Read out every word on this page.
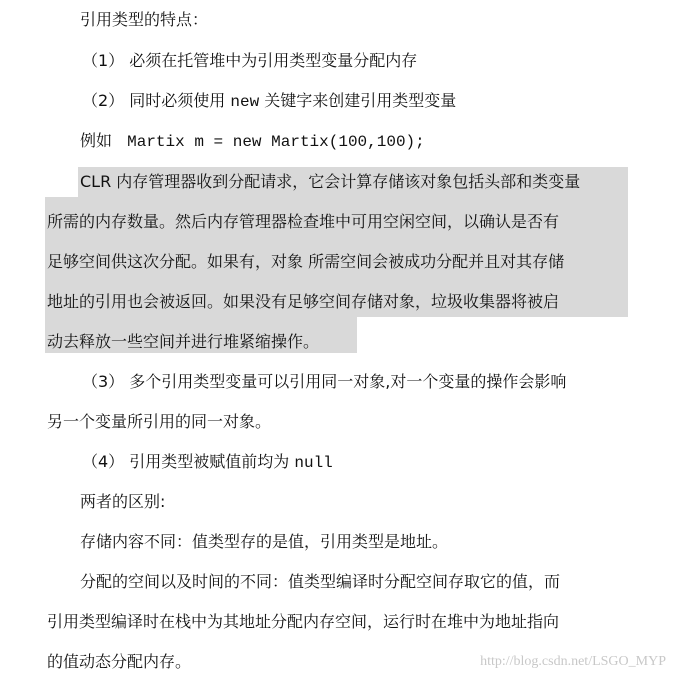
引用类型的特点：
（1） 必须在托管堆中为引用类型变量分配内存
（2） 同时必须使用 new 关键字来创建引用类型变量
例如 Martix m = new Martix(100,100);
CLR 内存管理器收到分配请求，它会计算存储该对象包括头部和类变量
所需的内存数量。然后内存管理器检查堆中可用空闲空间，以确认是否有
足够空间供这次分配。如果有，对象 所需空间会被成功分配并且对其存储
地址的引用也会被返回。如果没有足够空间存储对象，垃圾收集器将被启
动去释放一些空间并进行堆紧缩操作。
（3） 多个引用类型变量可以引用同一对象,对一个变量的操作会影响
另一个变量所引用的同一对象。
（4） 引用类型被赋值前均为 null
两者的区别:
存储内容不同：值类型存的是值，引用类型是地址。
分配的空间以及时间的不同：值类型编译时分配空间存取它的值，而
引用类型编译时在栈中为其地址分配内存空间，运行时在堆中为地址指向
的值动态分配内存。	http://blog.csdn.net/LSGO_MYP
